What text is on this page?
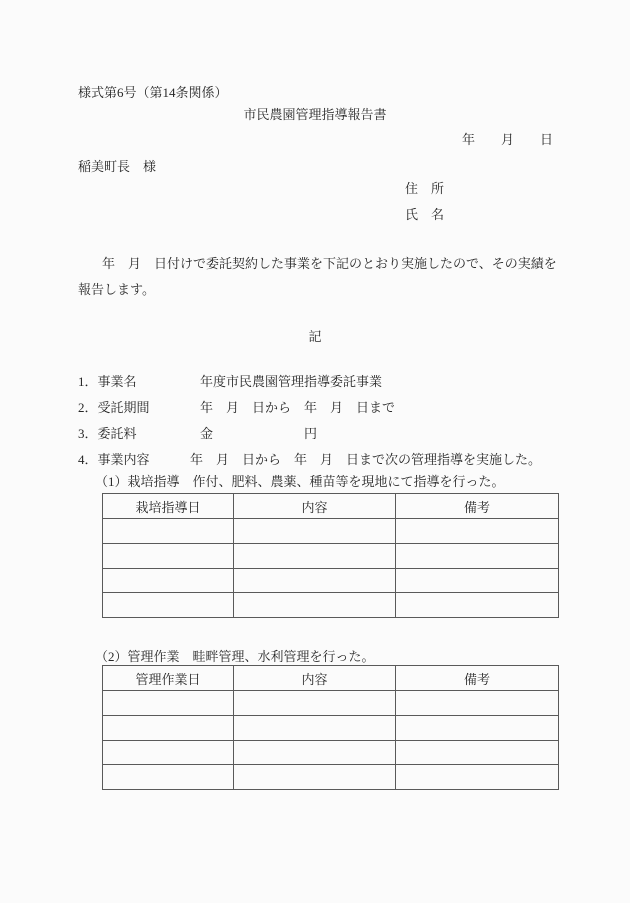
様式第6号（第14条関係）
市民農園管理指導報告書
年　　月　　日
稲美町長　様
住　所
氏　名
年　月　日付けで委託契約した事業を下記のとおり実施したので、その実績を報告します。
記
1．事業名	年度市民農園管理指導委託事業
2．受託期間	年　月　日から　年　月　日まで
3．委託料	金　　　　　　　円
4．事業内容	年　月　日から　年　月　日まで次の管理指導を実施した。
（1）栽培指導　作付、肥料、農薬、種苗等を現地にて指導を行った。
栽培指導日	内容	備考

（2）管理作業　畦畔管理、水利管理を行った。
管理作業日	内容	備考
